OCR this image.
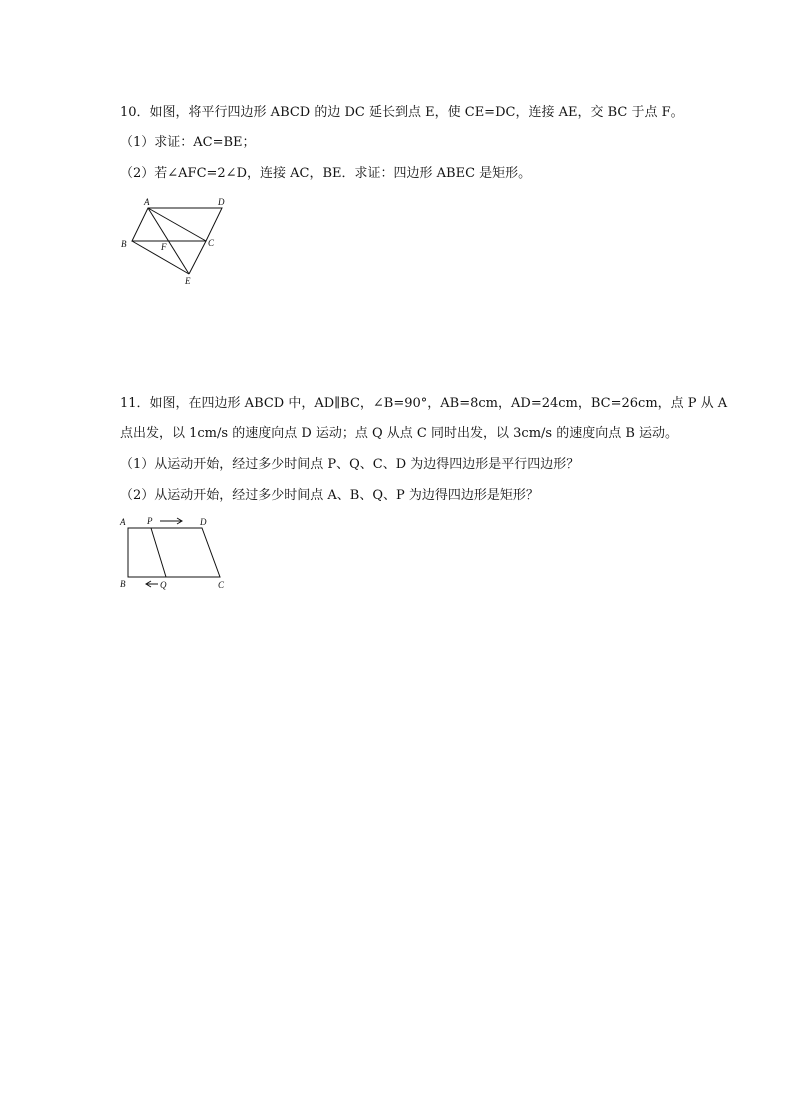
10．如图，将平行四边形 ABCD 的边 DC 延长到点 E，使 CE=DC，连接 AE，交 BC 于点 F。

（1）求证：AC=BE；

（2）若∠AFC=2∠D，连接 AC，BE．求证：四边形 ABEC 是矩形。

A	D
B	F	C
E

11．如图，在四边形 ABCD 中，AD∥BC，∠B=90°，AB=8cm，AD=24cm，BC=26cm，点 P 从 A

点出发，以 1cm/s 的速度向点 D 运动；点 Q 从点 C 同时出发，以 3cm/s 的速度向点 B 运动。

（1）从运动开始，经过多少时间点 P、Q、C、D 为边得四边形是平行四边形？

（2）从运动开始，经过多少时间点 A、B、Q、P 为边得四边形是矩形？

A P	D
B	Q	C
